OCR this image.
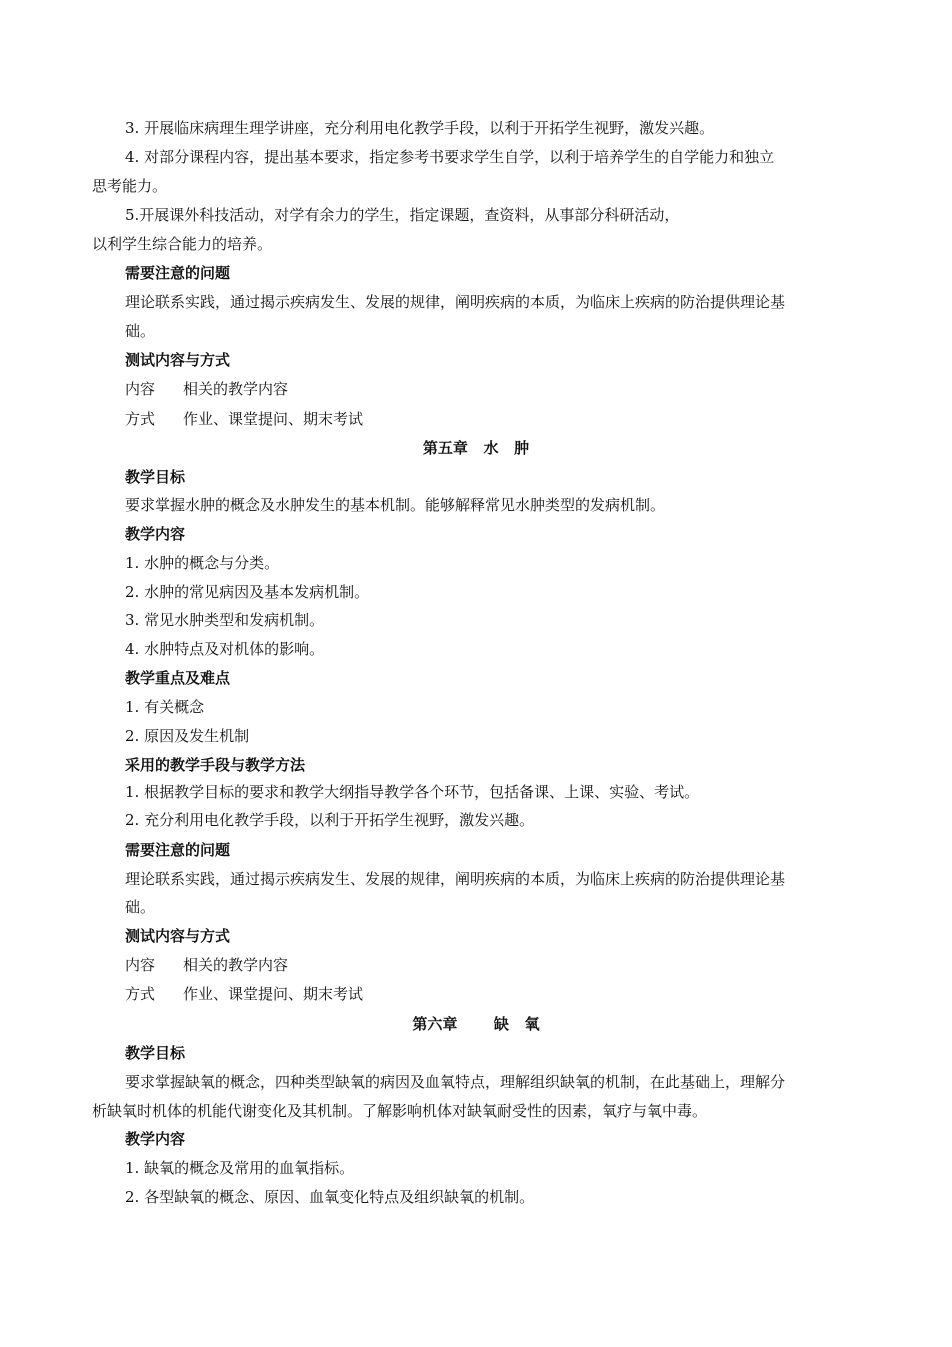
3. 开展临床病理生理学讲座，充分利用电化教学手段，以利于开拓学生视野，激发兴趣。
4. 对部分课程内容，提出基本要求，指定参考书要求学生自学，以利于培养学生的自学能力和独立
思考能力。
5.开展课外科技活动，对学有余力的学生，指定课题，查资料，从事部分科研活动，
以利学生综合能力的培养。
需要注意的问题
理论联系实践，通过揭示疾病发生、发展的规律，阐明疾病的本质，为临床上疾病的防治提供理论基
础。
测试内容与方式
内容 相关的教学内容
方式 作业、课堂提问、期末考试
第五章   水   肿
教学目标
要求掌握水肿的概念及水肿发生的基本机制。能够解释常见水肿类型的发病机制。
教学内容
1. 水肿的概念与分类。
2. 水肿的常见病因及基本发病机制。
3. 常见水肿类型和发病机制。
4. 水肿特点及对机体的影响。
教学重点及难点
1. 有关概念
2. 原因及发生机制
采用的教学手段与教学方法
1. 根据教学目标的要求和教学大纲指导教学各个环节，包括备课、上课、实验、考试。
2. 充分利用电化教学手段，以利于开拓学生视野，激发兴趣。
需要注意的问题
理论联系实践，通过揭示疾病发生、发展的规律，阐明疾病的本质，为临床上疾病的防治提供理论基
础。
测试内容与方式
内容 相关的教学内容
方式 作业、课堂提问、期末考试
第六章       缺   氧
教学目标
要求掌握缺氧的概念，四种类型缺氧的病因及血氧特点，理解组织缺氧的机制，在此基础上，理解分
析缺氧时机体的机能代谢变化及其机制。了解影响机体对缺氧耐受性的因素，氧疗与氧中毒。
教学内容
1. 缺氧的概念及常用的血氧指标。
2. 各型缺氧的概念、原因、血氧变化特点及组织缺氧的机制。
